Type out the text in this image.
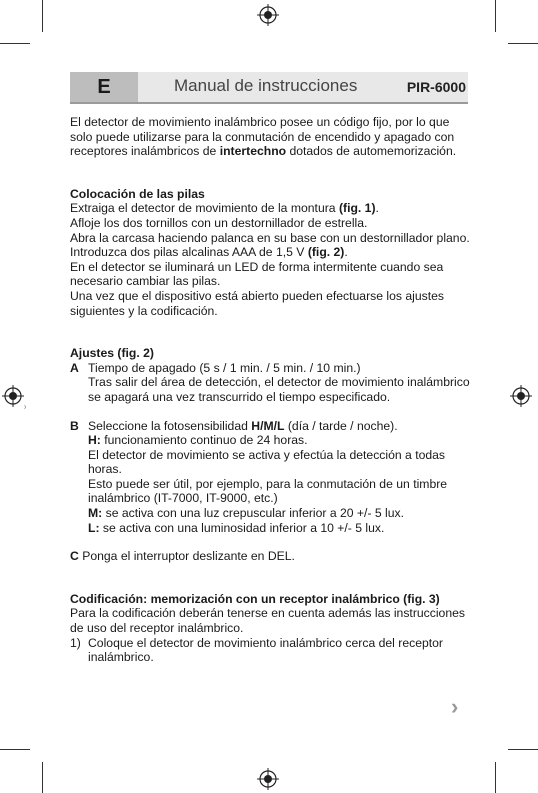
⁾
E	Manual de instrucciones	PIR-6000

El detector de movimiento inalámbrico posee un código fijo, por lo que solo puede utilizarse para la conmutación de encendido y apagado con receptores inalámbricos de intertechno dotados de automemorización.

Colocación de las pilas

Extraiga el detector de movimiento de la montura (fig. 1).

Afloje los dos tornillos con un destornillador de estrella.

Abra la carcasa haciendo palanca en su base con un destornillador plano.

Introduzca dos pilas alcalinas AAA de 1,5 V (fig. 2).

En el detector se iluminará un LED de forma intermitente cuando sea necesario cambiar las pilas.

Una vez que el dispositivo está abierto pueden efectuarse los ajustes siguientes y la codificación.

Ajustes (fig. 2)

A Tiempo de apagado (5 s / 1 min. / 5 min. / 10 min.)

Tras salir del área de detección, el detector de movimiento inalámbrico se apagará una vez transcurrido el tiempo especificado.

B Seleccione la fotosensibilidad H/M/L (día / tarde / noche).

H: funcionamiento continuo de 24 horas.

El detector de movimiento se activa y efectúa la detección a todas horas.

Esto puede ser útil, por ejemplo, para la conmutación de un timbre inalámbrico (IT-7000, IT-9000, etc.)

M: se activa con una luz crepuscular inferior a 20 +/- 5 lux.

L: se activa con una luminosidad inferior a 10 +/- 5 lux.

C Ponga el interruptor deslizante en DEL.

Codificación: memorización con un receptor inalámbrico (fig. 3)

Para la codificación deberán tenerse en cuenta además las instrucciones de uso del receptor inalámbrico.

1) Coloque el detector de movimiento inalámbrico cerca del receptor inalámbrico.

›
